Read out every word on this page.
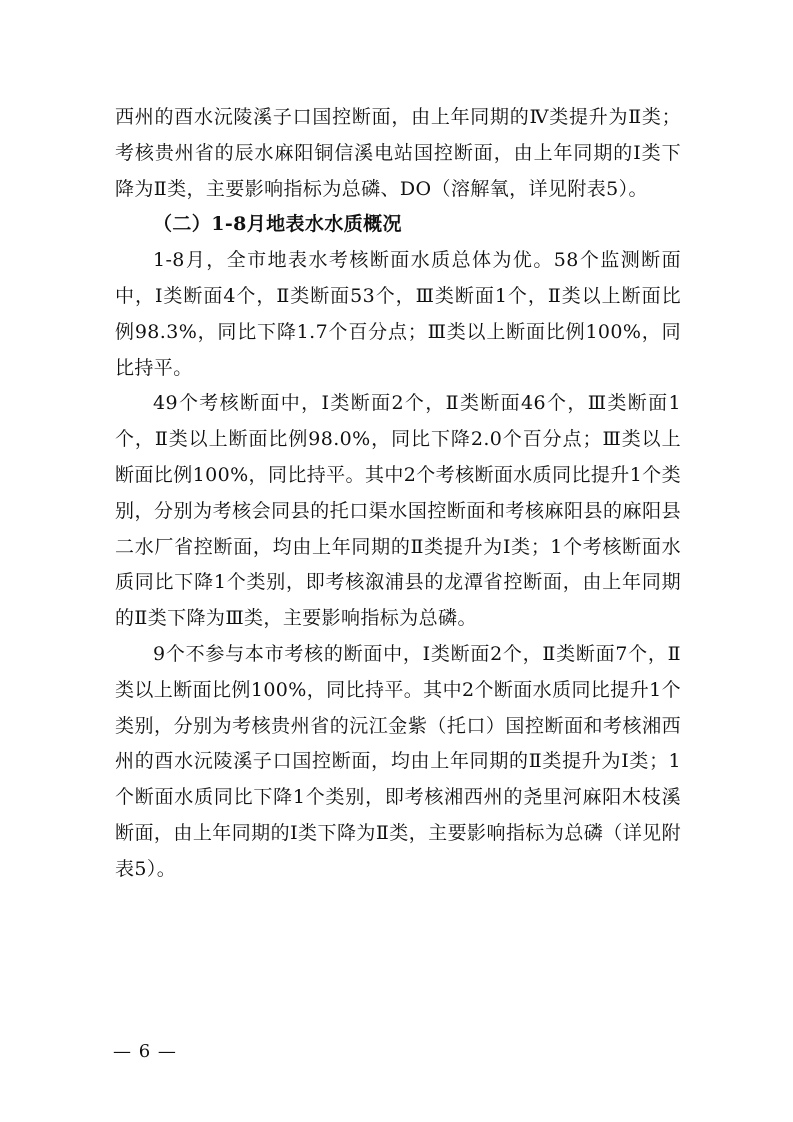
西州的酉水沅陵溪子口国控断面，由上年同期的Ⅳ类提升为Ⅱ类；考核贵州省的辰水麻阳铜信溪电站国控断面，由上年同期的Ⅰ类下降为Ⅱ类，主要影响指标为总磷、DO（溶解氧，详见附表5）。

（二）1-8月地表水水质概况

1-8月，全市地表水考核断面水质总体为优。58个监测断面中，Ⅰ类断面4个，Ⅱ类断面53个，Ⅲ类断面1个，Ⅱ类以上断面比例98.3%，同比下降1.7个百分点；Ⅲ类以上断面比例100%，同比持平。

49个考核断面中，Ⅰ类断面2个，Ⅱ类断面46个，Ⅲ类断面1个，Ⅱ类以上断面比例98.0%，同比下降2.0个百分点；Ⅲ类以上断面比例100%，同比持平。其中2个考核断面水质同比提升1个类别，分别为考核会同县的托口渠水国控断面和考核麻阳县的麻阳县二水厂省控断面，均由上年同期的Ⅱ类提升为Ⅰ类；1个考核断面水质同比下降1个类别，即考核溆浦县的龙潭省控断面，由上年同期的Ⅱ类下降为Ⅲ类，主要影响指标为总磷。

9个不参与本市考核的断面中，Ⅰ类断面2个，Ⅱ类断面7个，Ⅱ类以上断面比例100%，同比持平。其中2个断面水质同比提升1个类别，分别为考核贵州省的沅江金紫（托口）国控断面和考核湘西州的酉水沅陵溪子口国控断面，均由上年同期的Ⅱ类提升为Ⅰ类；1个断面水质同比下降1个类别，即考核湘西州的尧里河麻阳木枝溪断面，由上年同期的Ⅰ类下降为Ⅱ类，主要影响指标为总磷（详见附表5）。

— 6 —
